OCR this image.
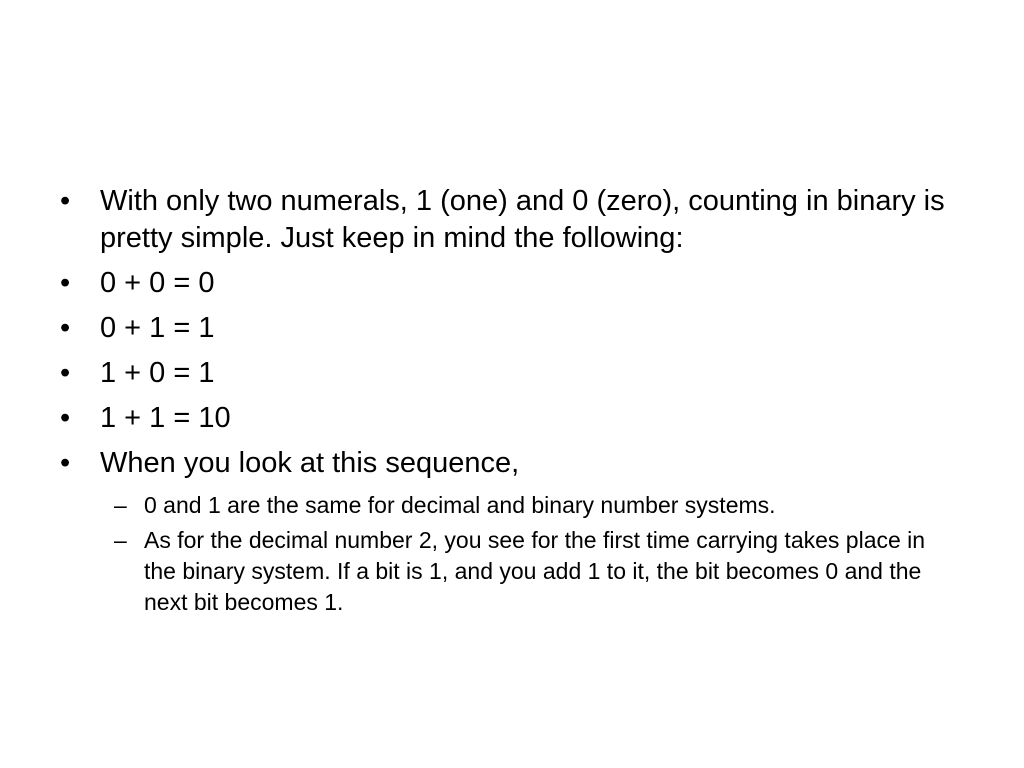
•	With only two numerals, 1 (one) and 0 (zero), counting in binary is pretty simple. Just keep in mind the following:
•	0 + 0 = 0
•	0 + 1 = 1
•	1 + 0 = 1
•	1 + 1 = 10
•	When you look at this sequence,
– 0 and 1 are the same for decimal and binary number systems.
– As for the decimal number 2, you see for the first time carrying takes place in the binary system. If a bit is 1, and you add 1 to it, the bit becomes 0 and the next bit becomes 1.
